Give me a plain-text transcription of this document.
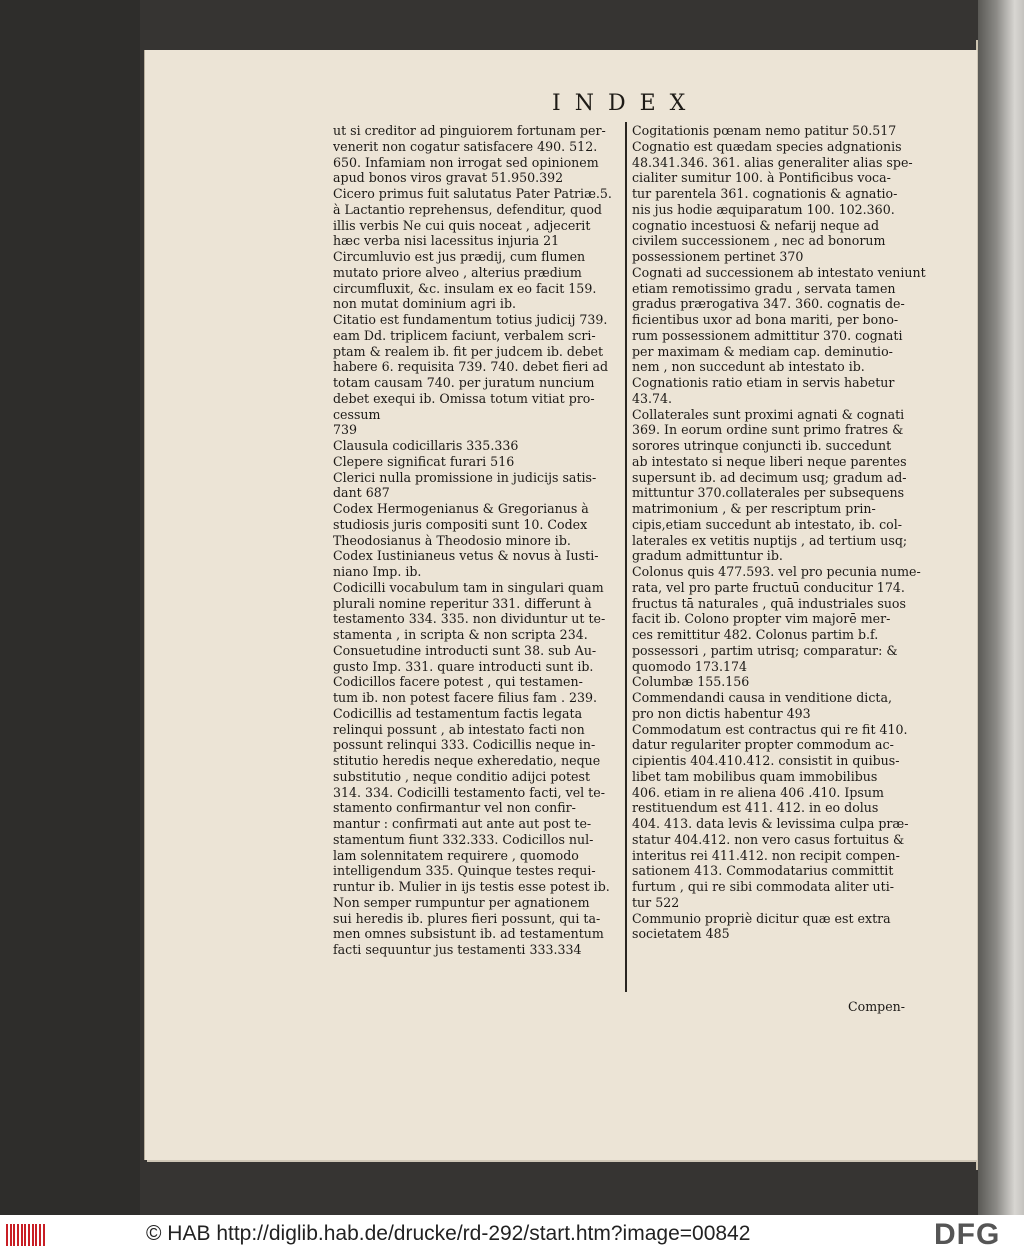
INDEX
ut si creditor ad pinguiorem fortunam per-
venerit non cogatur satisfacere 490. 512.
650. Infamiam non irrogat sed opinionem
apud bonos viros gravat 51.950.392
Cicero primus fuit salutatus Pater Patriæ.5.
à Lactantio reprehensus, defenditur, quod
illis verbis Ne cui quis noceat , adjecerit
hæc verba nisi lacessitus injuria 21
Circumluvio est jus prædij, cum flumen
mutato priore alveo , alterius prædium
circumfluxit, &c. insulam ex eo facit 159.
non mutat dominium agri ib.
Citatio est fundamentum totius judicij 739.
eam Dd. triplicem faciunt, verbalem scri-
ptam & realem ib. fit per judcem ib. debet
habere 6. requisita 739. 740. debet fieri ad
totam causam 740. per juratum nuncium
debet exequi ib. Omissa totum vitiat pro-
cessum
739
Clausula codicillaris 335.336
Clepere significat furari 516
Clerici nulla promissione in judicijs satis-
dant 687
Codex Hermogenianus & Gregorianus à
studiosis juris compositi sunt 10. Codex
Theodosianus à Theodosio minore ib.
Codex Iustinianeus vetus & novus à Iusti-
niano Imp. ib.
Codicilli vocabulum tam in singulari quam
plurali nomine reperitur 331. differunt à
testamento 334. 335. non dividuntur ut te-
stamenta , in scripta & non scripta 234.
Consuetudine introducti sunt 38. sub Au-
gusto Imp. 331. quare introducti sunt ib.
Codicillos facere potest , qui testamen-
tum ib. non potest facere filius fam . 239.
Codicillis ad testamentum factis legata
relinqui possunt , ab intestato facti non
possunt relinqui 333. Codicillis neque in-
stitutio heredis neque exheredatio, neque
substitutio , neque conditio adijci potest
314. 334. Codicilli testamento facti, vel te-
stamento confirmantur vel non confir-
mantur : confirmati aut ante aut post te-
stamentum fiunt 332.333. Codicillos nul-
lam solennitatem requirere , quomodo
intelligendum 335. Quinque testes requi-
runtur ib. Mulier in ijs testis esse potest ib.
Non semper rumpuntur per agnationem
sui heredis ib. plures fieri possunt, qui ta-
men omnes subsistunt ib. ad testamentum
facti sequuntur jus testamenti 333.334
Cogitationis pœnam nemo patitur 50.517
Cognatio est quædam species adgnationis
48.341.346. 361. alias generaliter alias spe-
cialiter sumitur 100. à Pontificibus voca-
tur parentela 361. cognationis & agnatio-
nis jus hodie æquiparatum 100. 102.360.
cognatio incestuosi & nefarij neque ad
civilem successionem , nec ad bonorum
possessionem pertinet 370
Cognati ad successionem ab intestato veniunt
etiam remotissimo gradu , servata tamen
gradus prærogativa 347. 360. cognatis de-
ficientibus uxor ad bona mariti, per bono-
rum possessionem admittitur 370. cognati
per maximam & mediam cap. deminutio-
nem , non succedunt ab intestato ib.
Cognationis ratio etiam in servis habetur
43.74.
Collaterales sunt proximi agnati & cognati
369. In eorum ordine sunt primo fratres &
sorores utrinque conjuncti ib. succedunt
ab intestato si neque liberi neque parentes
supersunt ib. ad decimum usq; gradum ad-
mittuntur 370.collaterales per subsequens
matrimonium , & per rescriptum prin-
cipis,etiam succedunt ab intestato, ib. col-
laterales ex vetitis nuptijs , ad tertium usq;
gradum admittuntur ib.
Colonus quis 477.593. vel pro pecunia nume-
rata, vel pro parte fructuū conducitur 174.
fructus tā naturales , quā industriales suos
facit ib. Colono propter vim majorē mer-
ces remittitur 482. Colonus partim b.f.
possessori , partim utrisq; comparatur: &
quomodo 173.174
Columbæ 155.156
Commendandi causa in venditione dicta,
pro non dictis habentur 493
Commodatum est contractus qui re fit 410.
datur regulariter propter commodum ac-
cipientis 404.410.412. consistit in quibus-
libet tam mobilibus quam immobilibus
406. etiam in re aliena 406 .410. Ipsum
restituendum est 411. 412. in eo dolus
404. 413. data levis & levissima culpa præ-
statur 404.412. non vero casus fortuitus &
interitus rei 411.412. non recipit compen-
sationem 413. Commodatarius committit
furtum , qui re sibi commodata aliter uti-
tur 522
Communio propriè dicitur quæ est extra
societatem 485
Compen-
© HAB http://diglib.hab.de/drucke/rd-292/start.htm?image=00842	DFG
